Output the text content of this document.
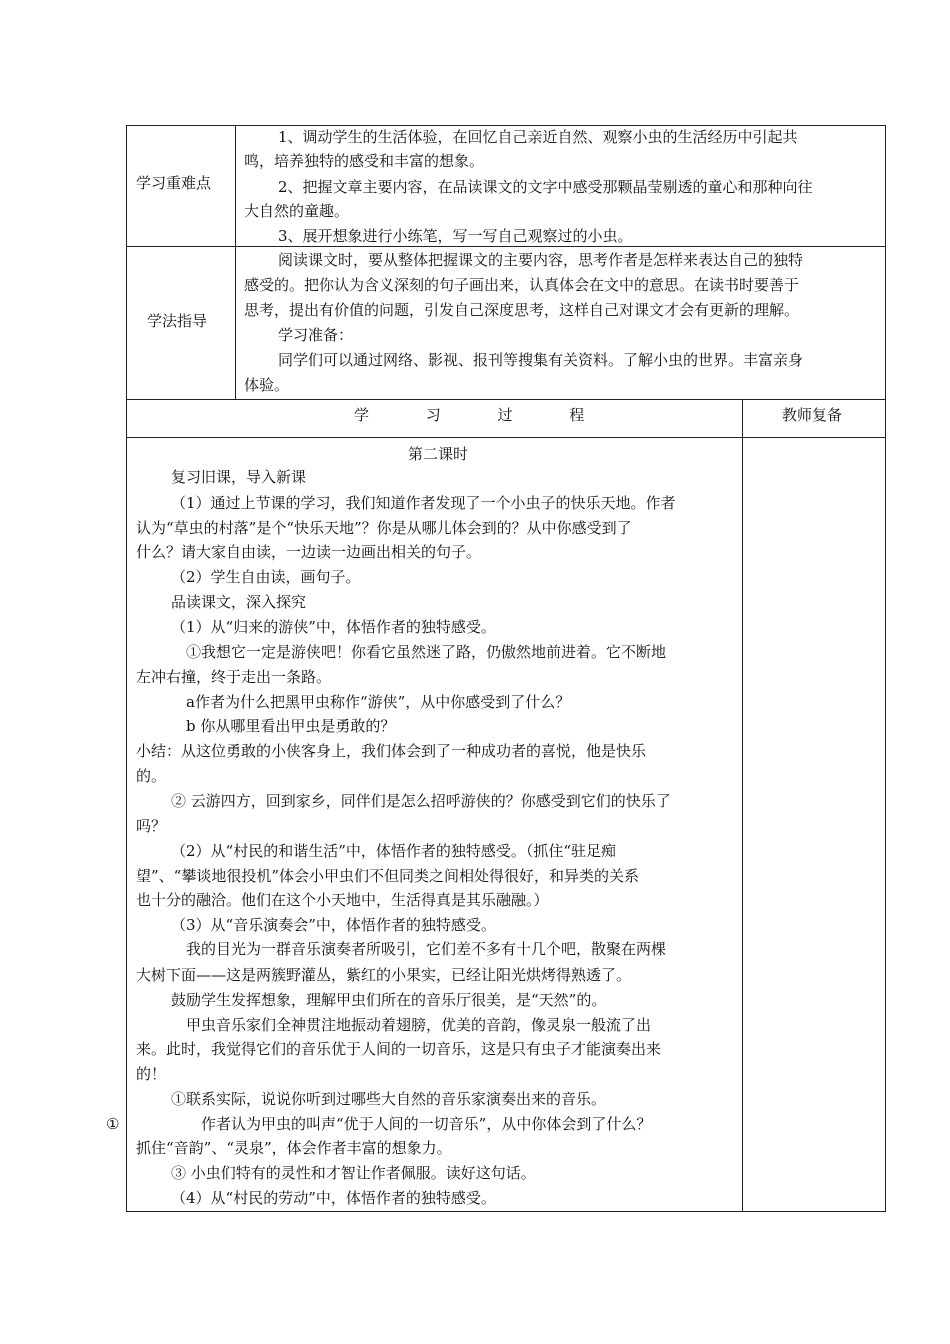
学习重难点
1、调动学生的生活体验，在回忆自己亲近自然、观察小虫的生活经历中引起共
鸣，培养独特的感受和丰富的想象。
2、把握文章主要内容，在品读课文的文字中感受那颗晶莹剔透的童心和那种向往
大自然的童趣。
3、展开想象进行小练笔，写一写自己观察过的小虫。
学法指导
阅读课文时，要从整体把握课文的主要内容，思考作者是怎样来表达自己的独特
感受的。把你认为含义深刻的句子画出来，认真体会在文中的意思。在读书时要善于
思考，提出有价值的问题，引发自己深度思考，这样自己对课文才会有更新的理解。
学习准备：
同学们可以通过网络、影视、报刊等搜集有关资料。了解小虫的世界。丰富亲身
体验。
学 习 过 程	教师复备
第二课时
复习旧课，导入新课
（1）通过上节课的学习，我们知道作者发现了一个小虫子的快乐天地。作者
认为“草虫的村落”是个“快乐天地”？你是从哪儿体会到的？从中你感受到了
什么？请大家自由读，一边读一边画出相关的句子。
（2）学生自由读，画句子。
品读课文，深入探究
（1）从“归来的游侠”中，体悟作者的独特感受。
①我想它一定是游侠吧！你看它虽然迷了路，仍傲然地前进着。它不断地
左冲右撞，终于走出一条路。
a作者为什么把黑甲虫称作“游侠”，从中你感受到了什么？
b 你从哪里看出甲虫是勇敢的？
小结：从这位勇敢的小侠客身上，我们体会到了一种成功者的喜悦，他是快乐
的。
② 云游四方，回到家乡，同伴们是怎么招呼游侠的？你感受到它们的快乐了
吗？
（2）从“村民的和谐生活”中，体悟作者的独特感受。（抓住“驻足痴
望”、“攀谈地很投机”体会小甲虫们不但同类之间相处得很好，和异类的关系
也十分的融洽。他们在这个小天地中，生活得真是其乐融融。）
（3）从“音乐演奏会”中，体悟作者的独特感受。
我的目光为一群音乐演奏者所吸引，它们差不多有十几个吧，散聚在两棵
大树下面——这是两簇野灌丛，紫红的小果实，已经让阳光烘烤得熟透了。
鼓励学生发挥想象，理解甲虫们所在的音乐厅很美，是“天然”的。
甲虫音乐家们全神贯注地振动着翅膀，优美的音韵，像灵泉一般流了出
来。此时，我觉得它们的音乐优于人间的一切音乐，这是只有虫子才能演奏出来
的！
①联系实际，说说你听到过哪些大自然的音乐家演奏出来的音乐。
作者认为甲虫的叫声“优于人间的一切音乐”，从中你体会到了什么？
抓住“音韵”、“灵泉”，体会作者丰富的想象力。
③ 小虫们特有的灵性和才智让作者佩服。读好这句话。
（4）从“村民的劳动”中，体悟作者的独特感受。
①
